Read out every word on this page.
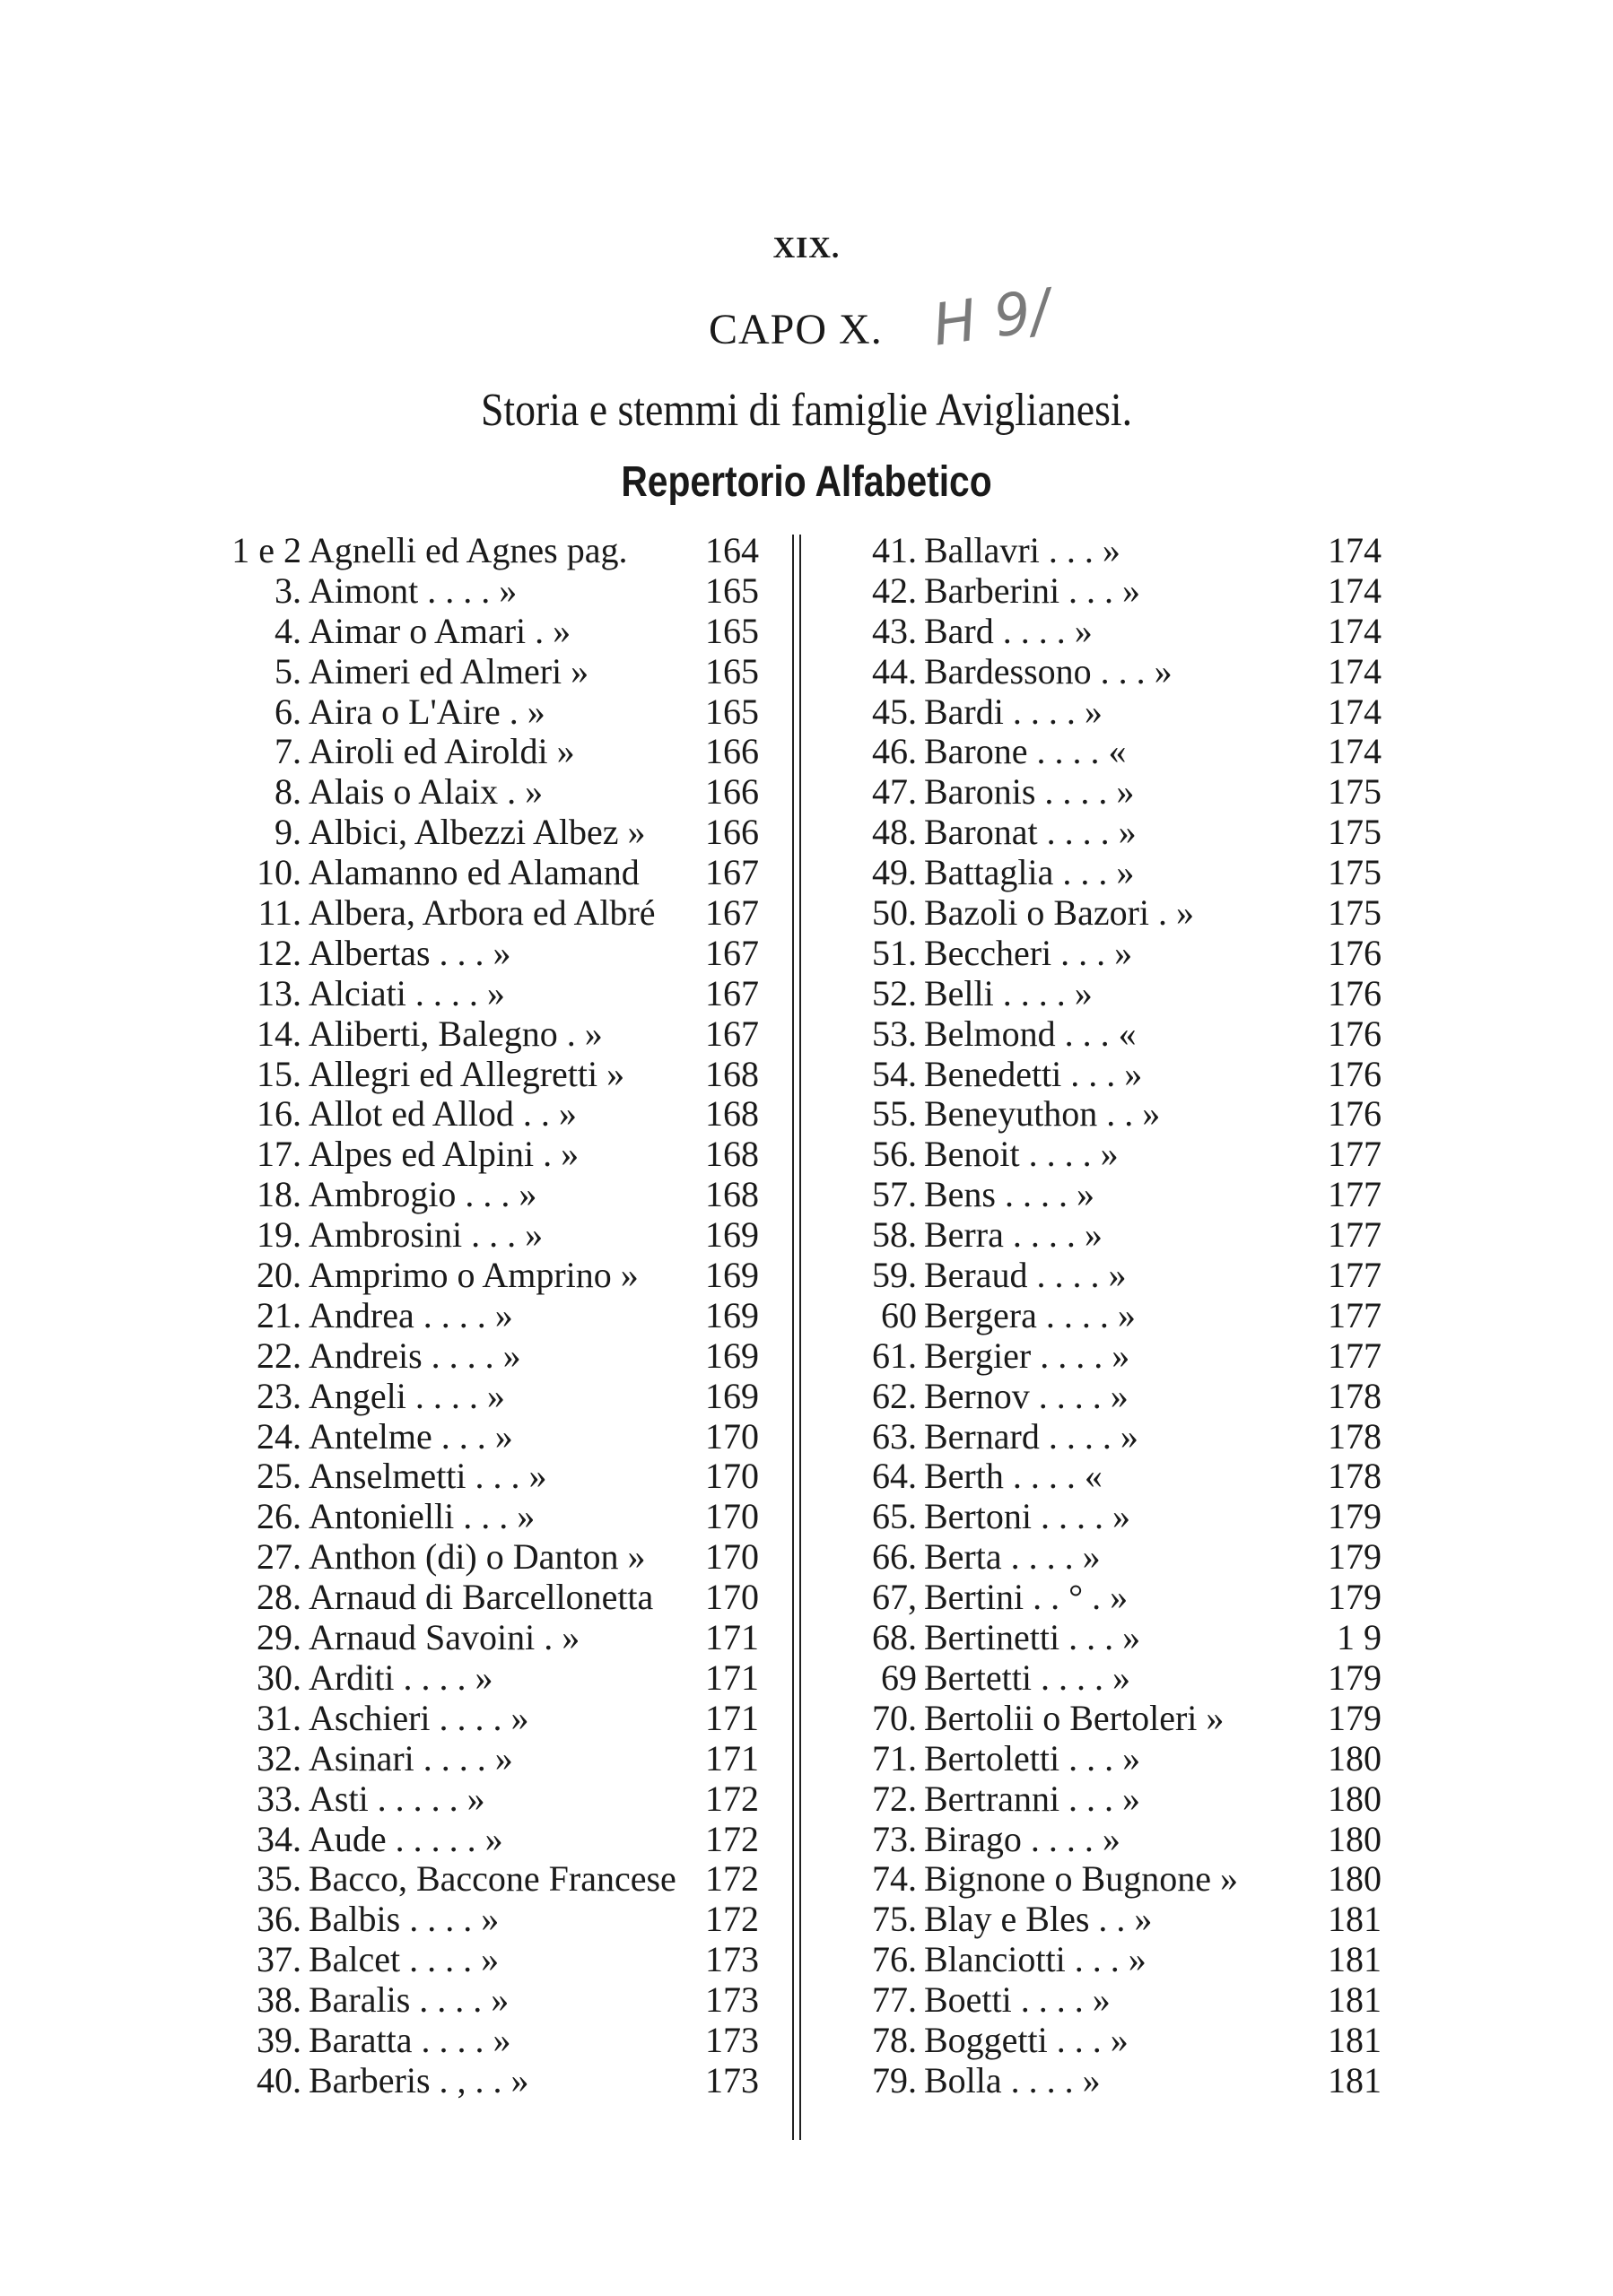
XIX.
CAPO X. H 9/
Storia e stemmi di famiglie Aviglianesi.
Repertorio Alfabetico
1 e 2 Agnelli ed Agnes pag.	164
3. Aimont . . . . »	165
4. Aimar o Amari . »	165
5. Aimeri ed Almeri »	165
6. Aira o L'Aire . »	165
7. Airoli ed Airoldi »	166
8. Alais o Alaix . »	166
9. Albici, Albezzi Albez »	166
10. Alamanno ed Alamand	167
11. Albera, Arbora ed Albré	167
12. Albertas . . . »	167
13. Alciati . . . . »	167
14. Aliberti, Balegno . »	167
15. Allegri ed Allegretti »	168
16. Allot ed Allod . . »	168
17. Alpes ed Alpini . »	168
18. Ambrogio . . . »	168
19. Ambrosini . . . »	169
20. Amprimo o Amprino »	169
21. Andrea . . . . »	169
22. Andreis . . . . »	169
23. Angeli . . . . »	169
24. Antelme . . . »	170
25. Anselmetti . . . »	170
26. Antonielli . . . »	170
27. Anthon (di) o Danton »	170
28. Arnaud di Barcellonetta	170
29. Arnaud Savoini . »	171
30. Arditi . . . . »	171
31. Aschieri . . . . »	171
32. Asinari . . . . »	171
33. Asti . . . . . »	172
34. Aude . . . . . »	172
35. Bacco, Baccone Francese 172
36. Balbis . . . . »	172
37. Balcet . . . . »	173
38. Baralis . . . . »	173
39. Baratta . . . . »	173
40. Barberis . , . . »	173
41. Ballavri . . . »	174
42. Barberini . . . »	174
43. Bard . . . . »	174
44. Bardessono . . . »	174
45. Bardi . . . . »	174
46. Barone . . . . «	174
47. Baronis . . . . »	175
48. Baronat . . . . »	175
49. Battaglia . . . »	175
50. Bazoli o Bazori . »	175
51. Beccheri . . . »	176
52. Belli . . . . »	176
53. Belmond . . . «	176
54. Benedetti . . . »	176
55. Beneyuthon . . »	176
56. Benoit . . . . »	177
57. Bens . . . . »	177
58. Berra . . . . »	177
59. Beraud . . . . »	177
60 Bergera . . . . »	177
61. Bergier . . . . »	177
62. Bernov . . . . »	178
63. Bernard . . . . »	178
64. Berth . . . . «	178
65. Bertoni . . . . »	179
66. Berta . . . . »	179
67, Bertini . . ° . »	179
68. Bertinetti . . . »	1 9
69 Bertetti . . . . »	179
70. Bertolii o Bertoleri »	179
71. Bertoletti . . . »	180
72. Bertranni . . . »	180
73. Birago . . . . »	180
74. Bignone o Bugnone »	180
75. Blay e Bles . . »	181
76. Blanciotti . . . »	181
77. Boetti . . . . »	181
78. Boggetti . . . »	181
79. Bolla . . . . »	181
